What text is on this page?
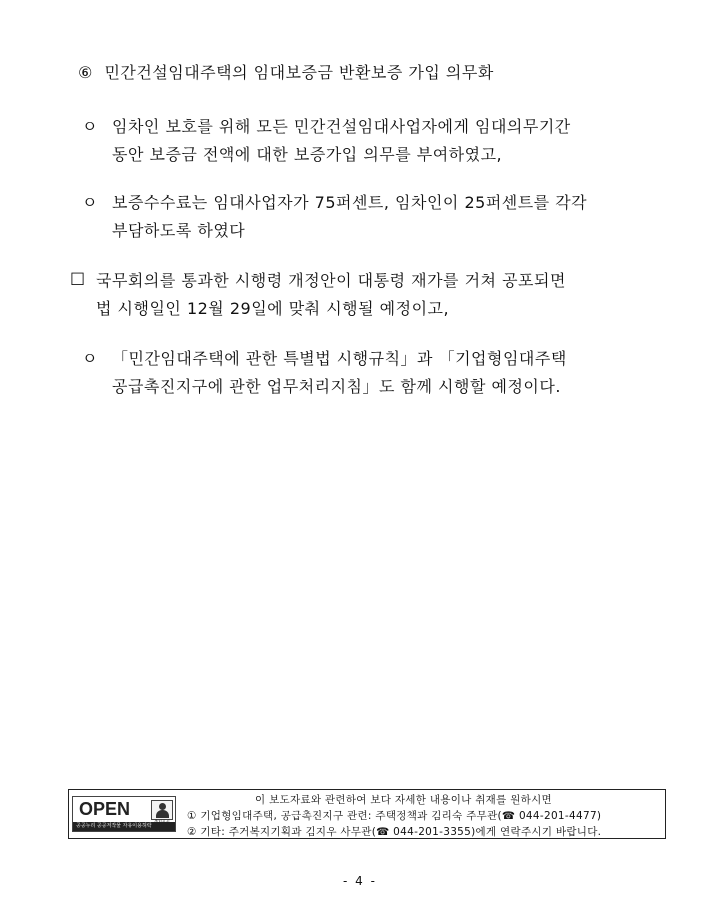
⑥ 민간건설임대주택의 임대보증금 반환보증 가입 의무화
ㅇ 임차인 보호를 위해 모든 민간건설임대사업자에게 임대의무기간
동안 보증금 전액에 대한 보증가입 의무를 부여하였고,
ㅇ 보증수수료는 임대사업자가 75퍼센트, 임차인이 25퍼센트를 각각
부담하도록 하였다
□ 국무회의를 통과한 시행령 개정안이 대통령 재가를 거쳐 공포되면
법 시행일인 12월 29일에 맞춰 시행될 예정이고,
ㅇ 「민간임대주택에 관한 특별법 시행규칙」과 「기업형임대주택
공급촉진지구에 관한 업무처리지침」도 함께 시행할 예정이다.
OPEN
공공누리 공공저작물 자유이용허락
이 보도자료와 관련하여 보다 자세한 내용이나 취재를 원하시면
① 기업형임대주택, 공급촉진지구 관련: 주택정책과 김리숙 주무관(☎ 044-201-4477)
② 기타: 주거복지기획과 김지우 사무관(☎ 044-201-3355)에게 연락주시기 바랍니다.
- 4 -
